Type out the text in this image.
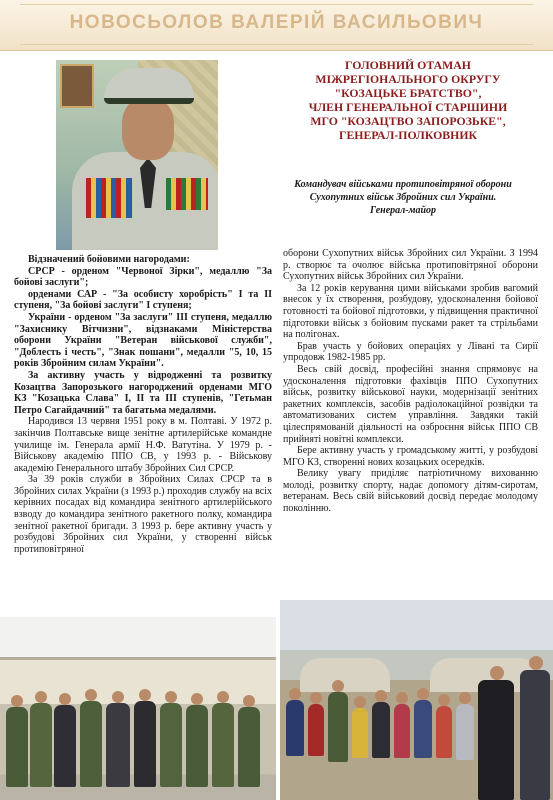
НОВОСЬОЛОВ ВАЛЕРІЙ ВАСИЛЬОВИЧ
ГОЛОВНИЙ ОТАМАН
МІЖРЕГІОНАЛЬНОГО ОКРУГУ
"КОЗАЦЬКЕ БРАТСТВО",
ЧЛЕН ГЕНЕРАЛЬНОЇ СТАРШИНИ
МГО "КОЗАЦТВО ЗАПОРОЗЬКЕ",
ГЕНЕРАЛ-ПОЛКОВНИК
Командувач військами протиповітряної оборони
Сухопутних військ Збройних сил України.
Генерал-майор

Відзначений бойовими нагородами:

СРСР - орденом "Червоної Зірки", медаллю "За бойові заслуги";

орденами САР - "За особисту хоробрість" І та ІІ ступеня, "За бойові заслуги" І ступеня;

України - орденом "За заслуги" ІІІ ступеня, медаллю "Захиснику Вітчизни", відзнаками Міністерства оборони України "Ветеран військової служби", "Доблесть і честь", "Знак пошани", медалли "5, 10, 15 років Збройним силам України".

За активну участь у відродженні та розвитку Козацтва Запорозького нагороджений орденами МГО КЗ "Козацька Слава" І, ІІ та ІІІ ступенів, "Гетьман Петро Сагайдачний" та багатьма медалями.

Народився 13 червня 1951 року в м. Полтаві. У 1972 р. закінчив Полтавське вище зенітне артилерійське командне училище ім. Генерала армії Н.Ф. Ватутіна. У 1979 р. - Військову академію ППО СВ, у 1993 р. - Військову академію Генерального штабу Збройних Сил СРСР.

За 39 років служби в Збройних Силах СРСР та в Збройних силах України (з 1993 р.) проходив службу на всіх керівних посадах від командира зенітного артилерійського взводу до командира зенітного ракетного полку, командира зенітної ракетної бригади. З 1993 р. бере активну участь у розбудові Збройних сил України, у створенні військ протиповітряної

оборони Сухопутних військ Збройних сил України. З 1994 р. створює та очолює війська протиповітряної оборони Сухопутних військ Збройних сил України.

За 12 років керування цими військами зробив вагомий внесок у їх створення, розбудову, удосконалення бойової готовності та бойової підготовки, у підвищення практичної підготовки військ з бойовим пусками ракет та стрільбами на полігонах.

Брав участь у бойових операціях у Лівані та Сирії упродовж 1982-1985 рр.

Весь свій досвід, професійні знання спрямовує на удосконалення підготовки фахівців ППО Сухопутних військ, розвитку військової науки, модернізації зенітних ракетних комплексів, засобів радіолокаційної розвідки та автоматизованих систем управління. Завдяки такій цілеспрямованій діяльності на озброєння військ ППО СВ прийняті новітні комплекси.

Бере активну участь у громадському житті, у розбудові МГО КЗ, створенні нових козацьких осередків.

Велику увагу приділяє патріотичному вихованню молоді, розвитку спорту, надає допомогу дітям-сиротам, ветеранам. Весь свій військовий досвід передає молодому поколінню.
